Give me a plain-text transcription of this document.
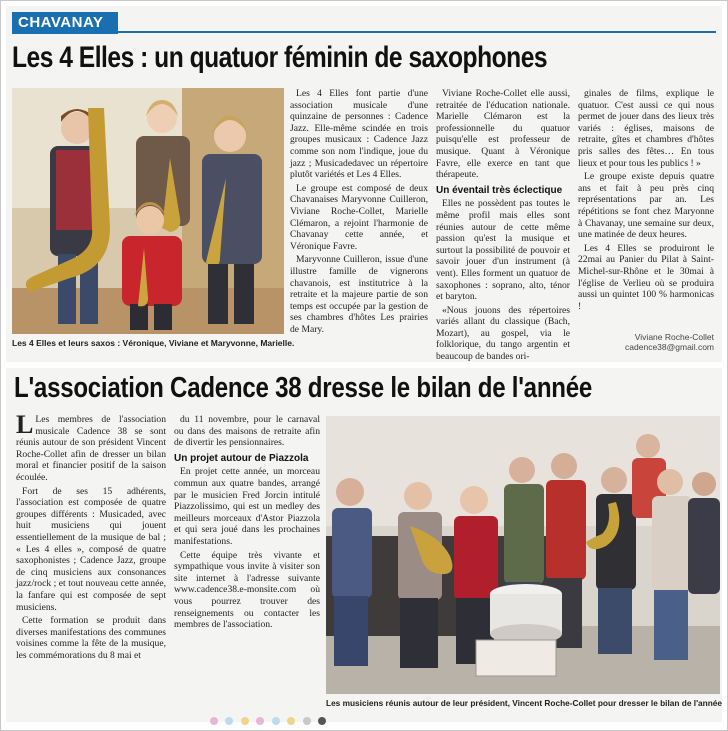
CHAVANAY
Les 4 Elles : un quatuor féminin de saxophones
Les 4 Elles et leurs saxos : Véronique, Viviane et Maryvonne, Marielle.

Les 4 Elles font partie d'une association musicale d'une quinzaine de personnes : Cadence Jazz. Elle-même scindée en trois groupes musicaux : Cadence Jazz comme son nom l'indique, joue du jazz ; Musicadedavec un répertoire plutôt variétés et Les 4 Elles.

Le groupe est composé de deux Chavanaises Maryvonne Cuilleron, Viviane Roche-Collet, Marielle Clémaron, a rejoint l'harmonie de Chavanay cette année, et Véronique Favre.

Maryvonne Cuilleron, issue d'une illustre famille de vignerons chavanois, est institutrice à la retraite et la majeure partie de son temps est occupée par la gestion de ses chambres d'hôtes Les prairies de Mary.

Viviane Roche-Collet elle aussi, retraitée de l'éducation nationale. Marielle Clémaron est la professionnelle du quatuor puisqu'elle est professeur de musique. Quant à Véronique Favre, elle exerce en tant que thérapeute.

Un éventail très éclectique

Elles ne possèdent pas toutes le même profil mais elles sont réunies autour de cette même passion qu'est la musique et surtout la possibilité de pouvoir et savoir jouer d'un instrument (à vent). Elles forment un quatuor de saxophones : soprano, alto, ténor et baryton.

«Nous jouons des répertoires variés allant du classique (Bach, Mozart), au gospel, via le folklorique, du tango argentin et beaucoup de bandes ori-

ginales de films, explique le quatuor. C'est aussi ce qui nous permet de jouer dans des lieux très variés : églises, maisons de retraite, gîtes et chambres d'hôtes pris salles des fêtes… En tous lieux et pour tous les publics ! »

Le groupe existe depuis quatre ans et fait à peu près cinq représentations par an. Les répétitions se font chez Maryonne à Chavanay, une semaine sur deux, une matinée de deux heures.

Les 4 Elles se produiront le 22mai au Panier du Pilat à Saint-Michel-sur-Rhône et le 30mai à l'église de Verlieu où se produira aussi un quintet 100 % harmonicas !

Viviane Roche-Collet
cadence38@gmail.com
L'association Cadence 38 dresse le bilan de l'année

L Les membres de l'association musicale Cadence 38 se sont réunis autour de son président Vincent Roche-Collet afin de dresser un bilan moral et financier positif de la saison écoulée.

Fort de ses 15 adhérents, l'association est composée de quatre groupes différents : Musicaded, avec huit musiciens qui jouent essentiellement de la musique de bal ; « Les 4 elles », composé de quatre saxophonistes ; Cadence Jazz, groupe de cinq musiciens aux consonances jazz/rock ; et tout nouveau cette année, la fanfare qui est composée de sept musiciens.

Cette formation se produit dans diverses manifestations des communes voisines comme la fête de la musique, les commémorations du 8 mai et

du 11 novembre, pour le carnaval ou dans des maisons de retraite afin de divertir les pensionnaires.

Un projet autour de Piazzola

En projet cette année, un morceau commun aux quatre bandes, arrangé par le musicien Fred Jorcin intitulé Piazzolissimo, qui est un medley des meilleurs morceaux d'Astor Piazzola et qui sera joué dans les prochaines manifestations.

Cette équipe très vivante et sympathique vous invite à visiter son site internet à l'adresse suivante www.cadence38.e-monsite.com où vous pourrez trouver des renseignements ou contacter les membres de l'association.

Les musiciens réunis autour de leur président, Vincent Roche-Collet pour dresser le bilan de l'année
